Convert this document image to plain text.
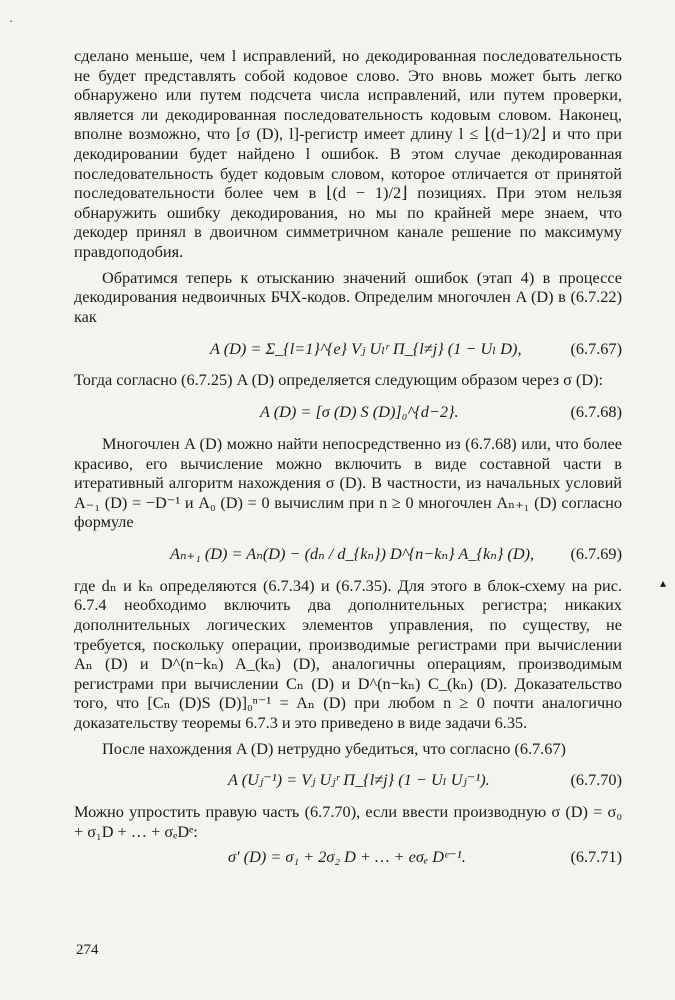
·
▴

сделано меньше, чем l исправлений, но декодированная последовательность не будет представлять собой кодовое слово. Это вновь может быть легко обнаружено или путем подсчета числа исправлений, или путем проверки, является ли декодированная последовательность кодовым словом. Наконец, вполне возможно, что [σ (D), l]-регистр имеет длину l ≤ ⌊(d−1)/2⌋ и что при декодировании будет найдено l ошибок. В этом случае декодированная последовательность будет кодовым словом, которое отличается от принятой последовательности более чем в ⌊(d − 1)/2⌋ позициях. При этом нельзя обнаружить ошибку декодирования, но мы по крайней мере знаем, что декодер принял в двоичном симметричном канале решение по максимуму правдоподобия.

Обратимся теперь к отысканию значений ошибок (этап 4) в процессе декодирования недвоичных БЧХ-кодов. Определим многочлен A (D) в (6.7.22) как

A (D) = Σ_{l=1}^{e} Vⱼ Uₗʳ Π_{l≠j} (1 − Uₗ D),	(6.7.67)

Тогда согласно (6.7.25) A (D) определяется следующим образом через σ (D):

A (D) = [σ (D) S (D)]₀^{d−2}.	(6.7.68)

Многочлен A (D) можно найти непосредственно из (6.7.68) или, что более красиво, его вычисление можно включить в виде составной части в итеративный алгоритм нахождения σ (D). В частности, из начальных условий A₋₁ (D) = −D⁻¹ и A₀ (D) = 0 вычислим при n ≥ 0 многочлен Aₙ₊₁ (D) согласно формуле

Aₙ₊₁ (D) = Aₙ(D) − (dₙ / d_{kₙ}) D^{n−kₙ} A_{kₙ} (D),	(6.7.69)

где dₙ и kₙ определяются (6.7.34) и (6.7.35). Для этого в блок-схему на рис. 6.7.4 необходимо включить два дополнительных регистра; никаких дополнительных логических элементов управления, по существу, не требуется, поскольку операции, производимые регистрами при вычислении Aₙ (D) и D^(n−kₙ) A_(kₙ) (D), аналогичны операциям, производимым регистрами при вычислении Cₙ (D) и D^(n−kₙ) C_(kₙ) (D). Доказательство того, что [Cₙ (D)S (D)]₀ⁿ⁻¹ = Aₙ (D) при любом n ≥ 0 почти аналогично доказательству теоремы 6.7.3 и это приведено в виде задачи 6.35.

После нахождения A (D) нетрудно убедиться, что согласно (6.7.67)

A (Uⱼ⁻¹) = Vⱼ Uⱼʳ Π_{l≠j} (1 − Uₗ Uⱼ⁻¹).	(6.7.70)

Можно упростить правую часть (6.7.70), если ввести производную σ (D) = σ₀ + σ₁D + … + σₑDᵉ:

σ′ (D) = σ₁ + 2σ₂ D + … + eσₑ Dᵉ⁻¹.	(6.7.71)
274
